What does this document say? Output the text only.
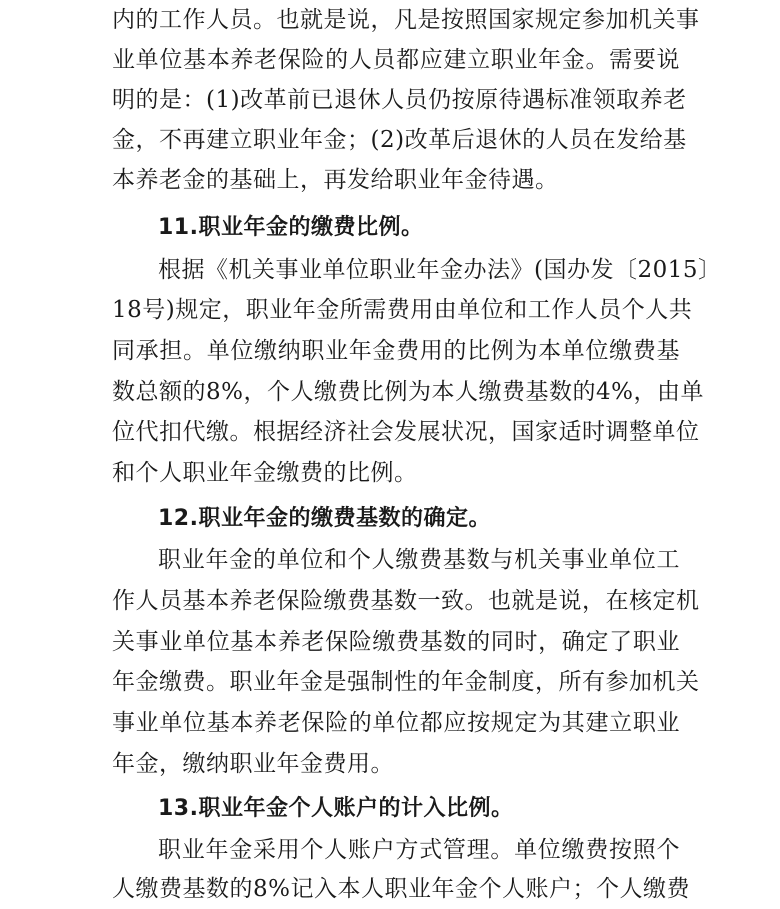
内的工作人员。也就是说，凡是按照国家规定参加机关事
业单位基本养老保险的人员都应建立职业年金。需要说
明的是：(1)改革前已退休人员仍按原待遇标准领取养老
金，不再建立职业年金；(2)改革后退休的人员在发给基
本养老金的基础上，再发给职业年金待遇。
11.职业年金的缴费比例。
根据《机关事业单位职业年金办法》(国办发〔2015〕
18号)规定，职业年金所需费用由单位和工作人员个人共
同承担。单位缴纳职业年金费用的比例为本单位缴费基
数总额的8%，个人缴费比例为本人缴费基数的4%，由单
位代扣代缴。根据经济社会发展状况，国家适时调整单位
和个人职业年金缴费的比例。
12.职业年金的缴费基数的确定。
职业年金的单位和个人缴费基数与机关事业单位工
作人员基本养老保险缴费基数一致。也就是说，在核定机
关事业单位基本养老保险缴费基数的同时，确定了职业
年金缴费。职业年金是强制性的年金制度，所有参加机关
事业单位基本养老保险的单位都应按规定为其建立职业
年金，缴纳职业年金费用。
13.职业年金个人账户的计入比例。
职业年金采用个人账户方式管理。单位缴费按照个
人缴费基数的8%记入本人职业年金个人账户；个人缴费
